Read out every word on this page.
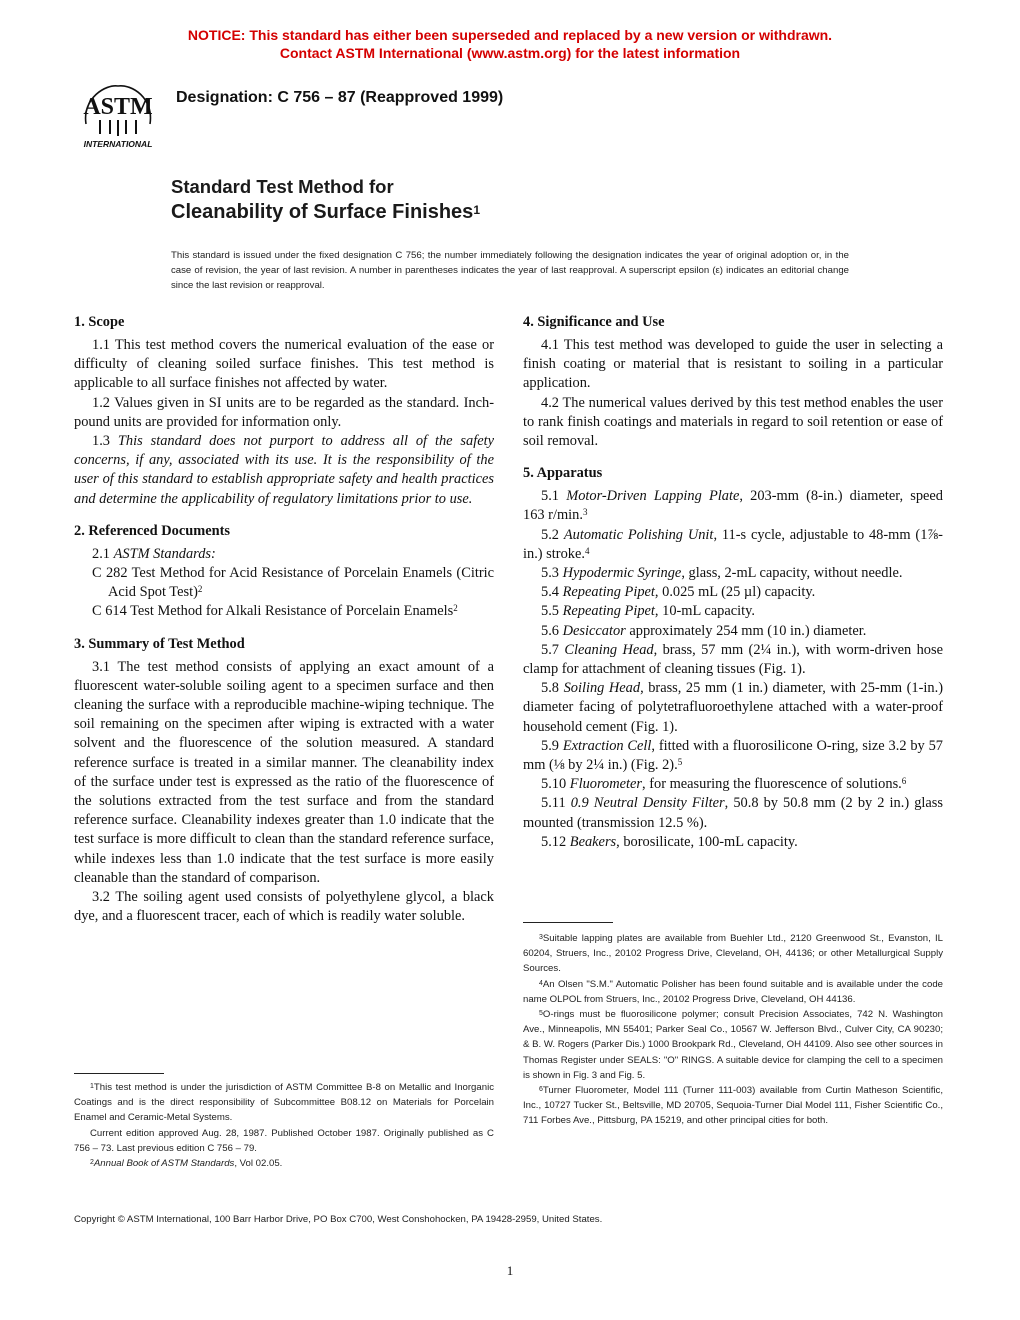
NOTICE: This standard has either been superseded and replaced by a new version or withdrawn.
Contact ASTM International (www.astm.org) for the latest information
ASTM
INTERNATIONAL
Designation: C 756 – 87 (Reapproved 1999)
Standard Test Method for
Cleanability of Surface Finishes$^1$
This standard is issued under the fixed designation C 756; the number immediately following the designation indicates the year of original adoption or, in the case of revision, the year of last revision. A number in parentheses indicates the year of last reapproval. A superscript epsilon (ε) indicates an editorial change since the last revision or reapproval.
1. Scope

1.1 This test method covers the numerical evaluation of the ease or difficulty of cleaning soiled surface finishes. This test method is applicable to all surface finishes not affected by water.

1.2 Values given in SI units are to be regarded as the standard. Inch-pound units are provided for information only.

1.3 This standard does not purport to address all of the safety concerns, if any, associated with its use. It is the responsibility of the user of this standard to establish appropriate safety and health practices and determine the applicability of regulatory limitations prior to use.

2. Referenced Documents

2.1 ASTM Standards:

C 282 Test Method for Acid Resistance of Porcelain Enamels (Citric Acid Spot Test)$^2$

C 614 Test Method for Alkali Resistance of Porcelain Enamels$^2$

3. Summary of Test Method

3.1 The test method consists of applying an exact amount of a fluorescent water-soluble soiling agent to a specimen surface and then cleaning the surface with a reproducible machine-wiping technique. The soil remaining on the specimen after wiping is extracted with a water solvent and the fluorescence of the solution measured. A standard reference surface is treated in a similar manner. The cleanability index of the surface under test is expressed as the ratio of the fluorescence of the solutions extracted from the test surface and from the standard reference surface. Cleanability indexes greater than 1.0 indicate that the test surface is more difficult to clean than the standard reference surface, while indexes less than 1.0 indicate that the test surface is more easily cleanable than the standard of comparison.

3.2 The soiling agent used consists of polyethylene glycol, a black dye, and a fluorescent tracer, each of which is readily water soluble.

4. Significance and Use

4.1 This test method was developed to guide the user in selecting a finish coating or material that is resistant to soiling in a particular application.

4.2 The numerical values derived by this test method enables the user to rank finish coatings and materials in regard to soil retention or ease of soil removal.

5. Apparatus

5.1 Motor-Driven Lapping Plate, 203-mm (8-in.) diameter, speed 163 r/min.$^3$

5.2 Automatic Polishing Unit, 11-s cycle, adjustable to 48-mm (1⅞-in.) stroke.$^4$

5.3 Hypodermic Syringe, glass, 2-mL capacity, without needle.

5.4 Repeating Pipet, 0.025 mL (25 µl) capacity.

5.5 Repeating Pipet, 10-mL capacity.

5.6 Desiccator approximately 254 mm (10 in.) diameter.

5.7 Cleaning Head, brass, 57 mm (2¼ in.), with worm-driven hose clamp for attachment of cleaning tissues (Fig. 1).

5.8 Soiling Head, brass, 25 mm (1 in.) diameter, with 25-mm (1-in.) diameter facing of polytetrafluoroethylene attached with a water-proof household cement (Fig. 1).

5.9 Extraction Cell, fitted with a fluorosilicone O-ring, size 3.2 by 57 mm (⅛ by 2¼ in.) (Fig. 2).$^5$

5.10 Fluorometer, for measuring the fluorescence of solutions.$^6$

5.11 0.9 Neutral Density Filter, 50.8 by 50.8 mm (2 by 2 in.) glass mounted (transmission 12.5 %).

5.12 Beakers, borosilicate, 100-mL capacity.

$^1$This test method is under the jurisdiction of ASTM Committee B-8 on Metallic and Inorganic Coatings and is the direct responsibility of Subcommittee B08.12 on Materials for Porcelain Enamel and Ceramic-Metal Systems.

Current edition approved Aug. 28, 1987. Published October 1987. Originally published as C 756 – 73. Last previous edition C 756 – 79.

$^2$Annual Book of ASTM Standards, Vol 02.05.

$^3$Suitable lapping plates are available from Buehler Ltd., 2120 Greenwood St., Evanston, IL 60204, Struers, Inc., 20102 Progress Drive, Cleveland, OH, 44136; or other Metallurgical Supply Sources.

$^4$An Olsen "S.M." Automatic Polisher has been found suitable and is available under the code name OLPOL from Struers, Inc., 20102 Progress Drive, Cleveland, OH 44136.

$^5$O-rings must be fluorosilicone polymer; consult Precision Associates, 742 N. Washington Ave., Minneapolis, MN 55401; Parker Seal Co., 10567 W. Jefferson Blvd., Culver City, CA 90230; & B. W. Rogers (Parker Dis.) 1000 Brookpark Rd., Cleveland, OH 44109. Also see other sources in Thomas Register under SEALS: "O" RINGS. A suitable device for clamping the cell to a specimen is shown in Fig. 3 and Fig. 5.

$^6$Turner Fluorometer, Model 111 (Turner 111-003) available from Curtin Matheson Scientific, Inc., 10727 Tucker St., Beltsville, MD 20705, Sequoia-Turner Dial Model 111, Fisher Scientific Co., 711 Forbes Ave., Pittsburg, PA 15219, and other principal cities for both.

Copyright © ASTM International, 100 Barr Harbor Drive, PO Box C700, West Conshohocken, PA 19428-2959, United States.
1
